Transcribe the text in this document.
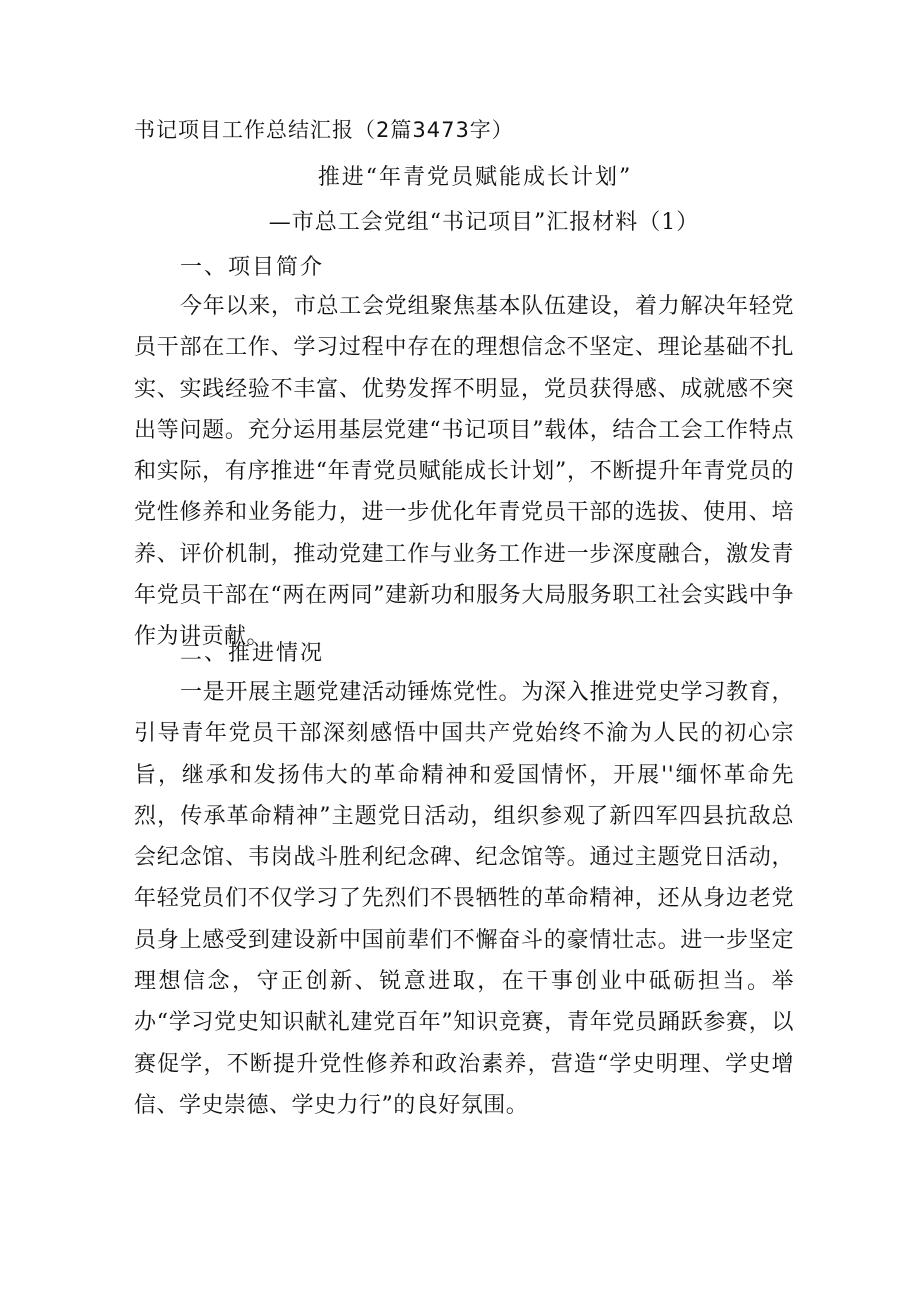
书记项目工作总结汇报（2篇3473字）
推进“年青党员赋能成长计划”
—市总工会党组“书记项目”汇报材料（1）
一、项目简介
今年以来，市总工会党组聚焦基本队伍建设，着力解决年轻党员干部在工作、学习过程中存在的理想信念不坚定、理论基础不扎实、实践经验不丰富、优势发挥不明显，党员获得感、成就感不突出等问题。充分运用基层党建“书记项目”载体，结合工会工作特点和实际，有序推进“年青党员赋能成长计划”，不断提升年青党员的党性修养和业务能力，进一步优化年青党员干部的选拔、使用、培养、评价机制，推动党建工作与业务工作进一步深度融合，激发青年党员干部在“两在两同”建新功和服务大局服务职工社会实践中争作为讲贡献。
二、推进情况
一是开展主题党建活动锤炼党性。为深入推进党史学习教育，引导青年党员干部深刻感悟中国共产党始终不渝为人民的初心宗旨，继承和发扬伟大的革命精神和爱国情怀，开展''缅怀革命先烈，传承革命精神”主题党日活动，组织参观了新四军四县抗敌总会纪念馆、韦岗战斗胜利纪念碑、纪念馆等。通过主题党日活动，年轻党员们不仅学习了先烈们不畏牺牲的革命精神，还从身边老党员身上感受到建设新中国前辈们不懈奋斗的豪情壮志。进一步坚定理想信念，守正创新、锐意进取，在干事创业中砥砺担当。举办“学习党史知识献礼建党百年”知识竞赛，青年党员踊跃参赛，以赛促学，不断提升党性修养和政治素养，营造“学史明理、学史增信、学史崇德、学史力行”的良好氛围。
